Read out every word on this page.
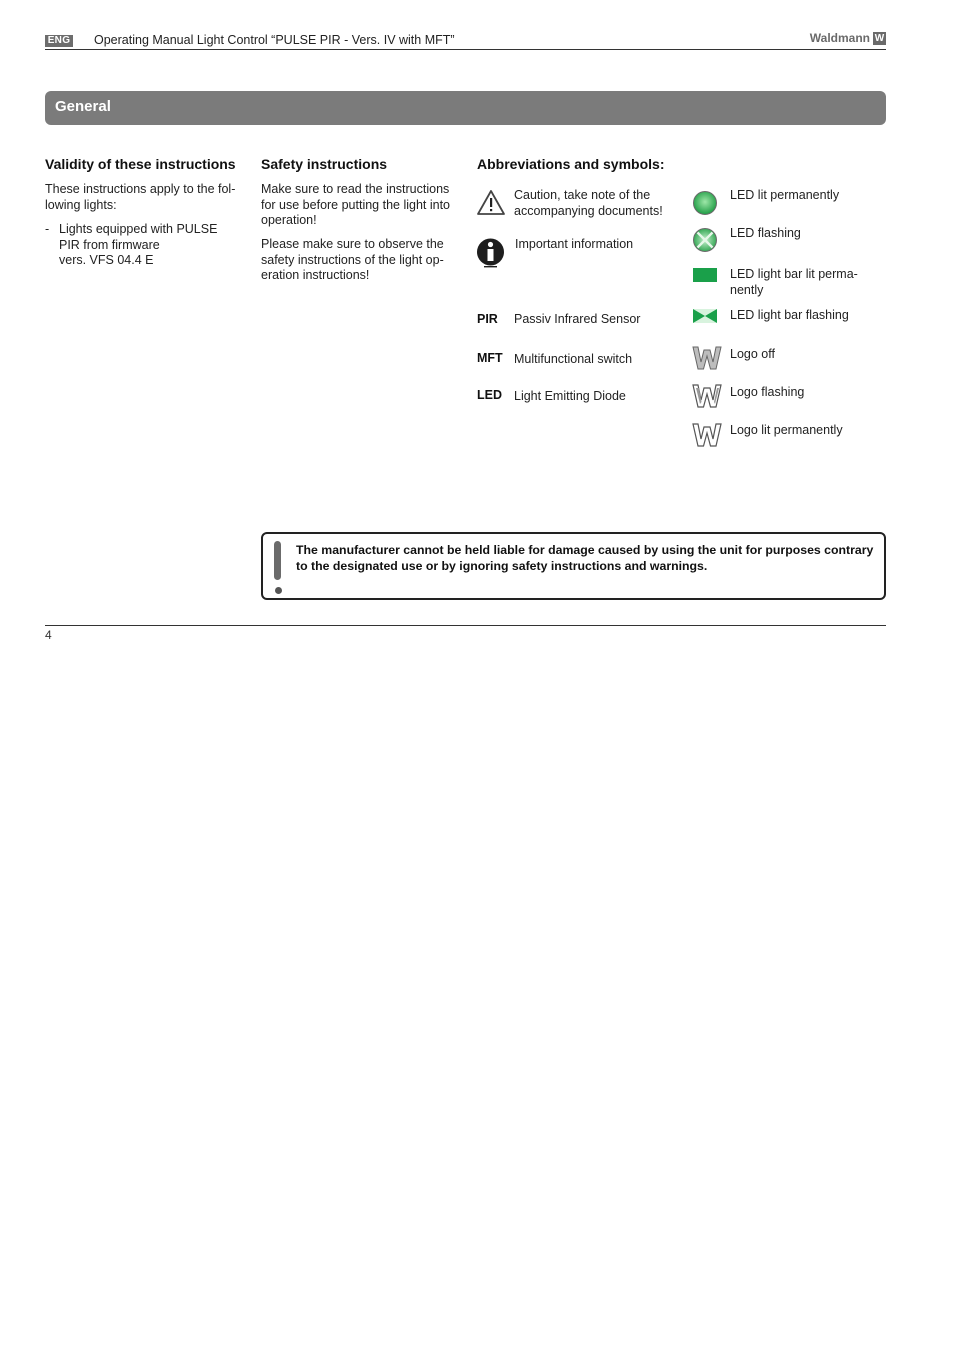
ENG Operating Manual Light Control “PULSE PIR - Vers. IV with MFT”	Waldmann W
General
Validity of these instructions
These instructions apply to the fol-
lowing lights:
- Lights equipped with PULSE
PIR from firmware
vers. VFS 04.4 E
Safety instructions
Make sure to read the instructions
for use before putting the light into
operation!
Please make sure to observe the
safety instructions of the light op-
eration instructions!
Abbreviations and symbols:
Caution, take note of the
accompanying documents!
Important information
PIR Passiv Infrared Sensor
MFT Multifunctional switch
LED Light Emitting Diode
LED lit permanently
LED flashing
LED light bar lit perma-
nently
LED light bar flashing
Logo off
Logo flashing
Logo lit permanently
The manufacturer cannot be held liable for damage caused by using the unit for purposes contrary
to the designated use or by ignoring safety instructions and warnings.
4
